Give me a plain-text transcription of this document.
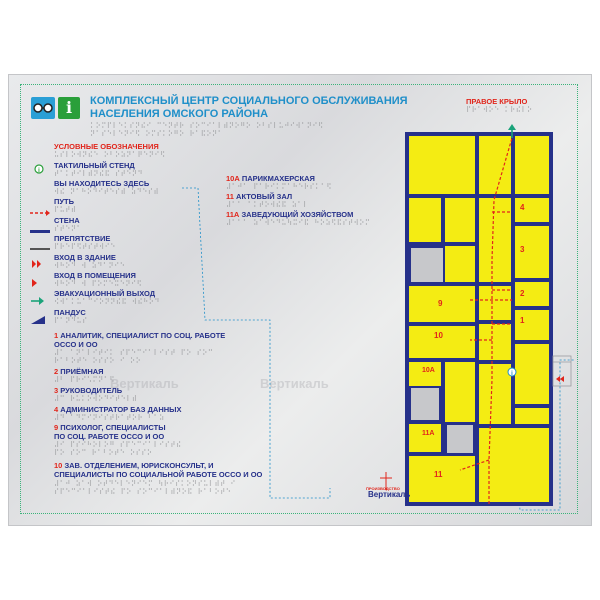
i	КОМПЛЕКСНЫЙ ЦЕНТР СОЦИАЛЬНОГО ОБСЛУЖИВАНИЯ
НАСЕЛЕНИЯ ОМСКОГО РАЙОНА
⠅⠕⠍⠏⠇⠑⠅⠎⠝⠮⠊ ⠉⠑⠝⠞⠗ ⠎⠕⠉⠊⠁⠇⠾⠝⠕⠛⠕ ⠕⠃⠎⠇⠥⠚⠊⠺⠁⠝⠊⠫
⠝⠁⠎⠑⠇⠑⠝⠊⠫ ⠕⠍⠎⠅⠕⠛⠕ ⠗⠁⠯⠕⠝⠁
УСЛОВНЫЕ ОБОЗНАЧЕНИЯ
⠥⠎⠇⠕⠺⠝⠮⠑ ⠕⠃⠕⠵⠝⠁⠟⠑⠝⠊⠫
i
ТАКТИЛЬНЫЙ СТЕНД
⠞⠁⠅⠞⠊⠇⠾⠝⠮⠯ ⠎⠞⠑⠝⠙
ВЫ НАХОДИТЕСЬ ЗДЕСЬ
⠺⠮ ⠝⠁⠓⠕⠙⠊⠞⠑⠎⠾ ⠵⠙⠑⠎⠾
ПУТЬ
⠏⠥⠞⠾
СТЕНА
⠎⠞⠑⠝⠁
ПРЕПЯТСТВИЕ
⠏⠗⠑⠏⠫⠞⠎⠞⠺⠊⠑
ВХОД В ЗДАНИЕ
⠺⠓⠕⠙ ⠺ ⠵⠙⠁⠝⠊⠑
ВХОД В ПОМЕЩЕНИЯ
⠺⠓⠕⠙ ⠺ ⠏⠕⠍⠑⠭⠑⠝⠊⠫
ЭВАКУАЦИОННЫЙ ВЫХОД
⠪⠺⠁⠅⠥⠁⠉⠊⠕⠝⠝⠮⠯ ⠺⠮⠓⠕⠙
ПАНДУС
⠏⠁⠝⠙⠥⠎
1 АНАЛИТИК, СПЕЦИАЛИСТ ПО СОЦ. РАБОТЕ
ОССО И ОО
⠼⠁ ⠁⠝⠁⠇⠊⠞⠊⠅ ⠎⠏⠑⠉⠊⠁⠇⠊⠎⠞ ⠏⠕ ⠎⠕⠉
⠗⠁⠃⠕⠞⠑ ⠕⠎⠎⠕ ⠊ ⠕⠕
2 ПРИЁМНАЯ
⠼⠃ ⠏⠗⠊⠡⠍⠝⠁⠫
3 РУКОВОДИТЕЛЬ
⠼⠉ ⠗⠥⠅⠕⠺⠕⠙⠊⠞⠑⠇⠾
4 АДМИНИСТРАТОР БАЗ ДАННЫХ
⠼⠙ ⠁⠙⠍⠊⠝⠊⠎⠞⠗⠁⠞⠕⠗ ⠃⠁⠵
9 ПСИХОЛОГ, СПЕЦИАЛИСТЫ
ПО СОЦ. РАБОТЕ ОССО И ОО
⠼⠊ ⠏⠎⠊⠓⠕⠇⠕⠛ ⠎⠏⠑⠉⠊⠁⠇⠊⠎⠞⠮
⠏⠕ ⠎⠕⠉ ⠗⠁⠃⠕⠞⠑ ⠕⠎⠎⠕
10 ЗАВ. ОТДЕЛЕНИЕМ, ЮРИСКОНСУЛЬТ, И
СПЕЦИАЛИСТЫ ПО СОЦИАЛЬНОЙ РАБОТЕ ОССО И ОО
⠼⠁⠚ ⠵⠁⠺ ⠕⠞⠙⠑⠇⠑⠝⠊⠑⠍ ⠳⠗⠊⠎⠅⠕⠝⠎⠥⠇⠾⠞ ⠊
⠎⠏⠑⠉⠊⠁⠇⠊⠎⠞⠮ ⠏⠕ ⠎⠕⠉⠊⠁⠇⠾⠝⠕⠯ ⠗⠁⠃⠕⠞⠑
10А ПАРИКМАХЕРСКАЯ
⠼⠁⠚⠁ ⠏⠁⠗⠊⠅⠍⠁⠓⠑⠗⠎⠅⠁⠫
11 АКТОВЫЙ ЗАЛ
⠼⠁⠁ ⠁⠅⠞⠕⠺⠮⠯ ⠵⠁⠇
11А ЗАВЕДУЮЩИЙ ХОЗЯЙСТВОМ
⠼⠁⠁⠁ ⠵⠁⠺⠑⠙⠥⠳⠭⠊⠯ ⠓⠕⠵⠫⠯⠎⠞⠺⠕⠍
Вертикаль	Вертикаль
ПРАВОЕ КРЫЛО
⠏⠗⠁⠺⠕⠑ ⠅⠗⠮⠇⠕
i
4
3
2
1
9
10
10А
11А
11
ПРОИЗВОДСТВО
Вертикаль
